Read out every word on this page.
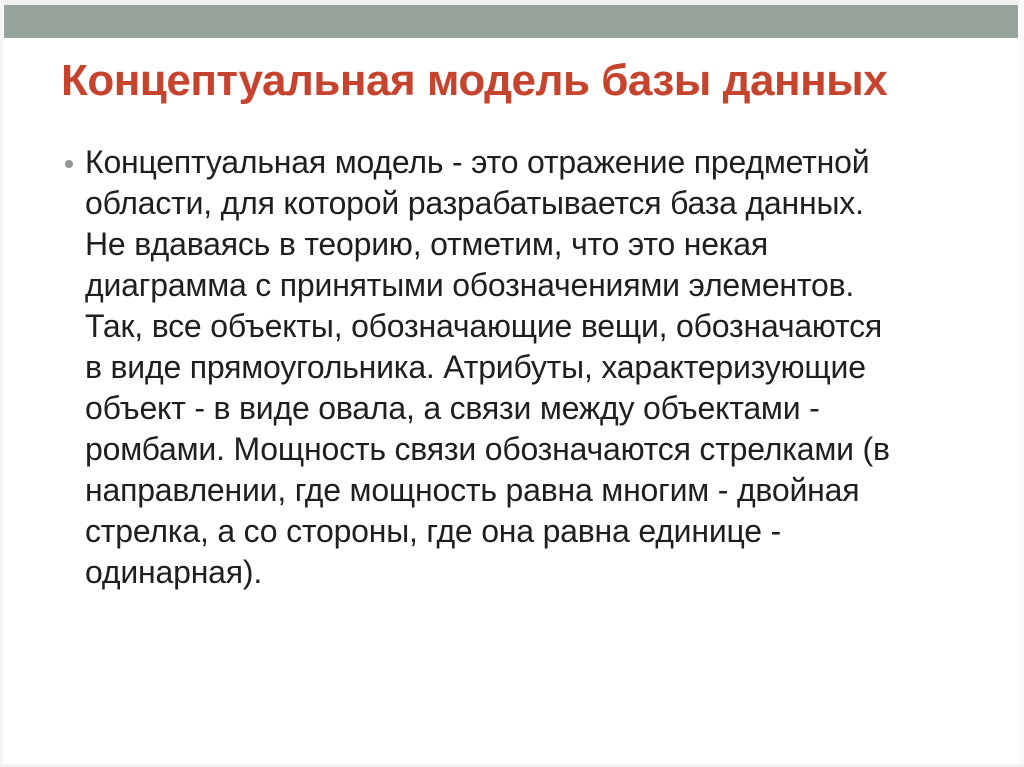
Концептуальная модель базы данных
Концептуальная модель - это отражение предметной
области, для которой разрабатывается база данных.
Не вдаваясь в теорию, отметим, что это некая
диаграмма с принятыми обозначениями элементов.
Так, все объекты, обозначающие вещи, обозначаются
в виде прямоугольника. Атрибуты, характеризующие
объект - в виде овала, а связи между объектами -
ромбами. Мощность связи обозначаются стрелками (в
направлении, где мощность равна многим - двойная
стрелка, а со стороны, где она равна единице -
одинарная).
